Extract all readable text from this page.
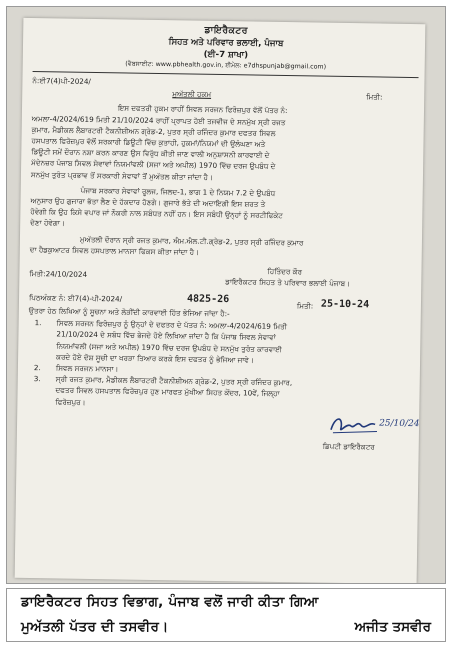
ਡਾਇਰੈਕਟਰ
ਸਿਹਤ ਅਤੇ ਪਰਿਵਾਰ ਭਲਾਈ, ਪੰਜਾਬ
(ਈ-7 ਸ਼ਾਖਾ)
(ਵੈਬਸਾਈਟ: www.pbhealth.gov.in, ਈਮੇਲ: e7dhspunjab@gmail.com)
ਨੰ:ਈ7(4)ਪੀ-2024/
ਮੁਅੱਤਲੀ ਹੁਕਮ	ਮਿਤੀ:
ਇਸ ਦਫਤਰੀ ਹੁਕਮ ਰਾਹੀਂ ਸਿਵਲ ਸਰਜਨ ਫਿਰੋਜ਼ਪੁਰ ਵੱਲੋਂ ਪੱਤਰ ਨੰ:
ਅਮਲਾ-4/2024/619 ਮਿਤੀ 21/10/2024 ਰਾਹੀਂ ਪ੍ਰਾਪਤ ਹੋਈ ਤਜਵੀਜ ਦੇ ਸਨਮੁੱਖ ਸ੍ਰੀ ਰਜਤ
ਕੁਮਾਰ, ਮੈਡੀਕਲ ਲੈਬਾਰਟਰੀ ਟੈਕਨੀਸ਼ੀਅਨ ਗ੍ਰੇਡ-2, ਪੁਤਰ ਸ੍ਰੀ ਰਜਿੰਦਰ ਕੁਮਾਰ ਦਫਤਰ ਸਿਵਲ
ਹਸਪਤਾਲ ਫਿਰੋਜ਼ਪੁਰ ਵੱਲੋਂ ਸਰਕਾਰੀ ਡਿਊਟੀ ਵਿੱਚ ਕੁਤਾਹੀ, ਹੁਕਮਾਂ/ਨਿਯਮਾਂ ਦੀ ਉਲੰਘਣਾ ਅਤੇ
ਡਿਊਟੀ ਸਮੇਂ ਦੌਰਾਨ ਨਸ਼ਾ ਕਰਨ ਕਾਰਣ ਉਸ ਵਿਰੁੱਧ ਕੀਤੀ ਜਾਣ ਵਾਲੀ ਅਨੁਸ਼ਾਸਨੀ ਕਾਰਵਾਈ ਦੇ
ਮੱਦੇਨਜ਼ਰ ਪੰਜਾਬ ਸਿਵਲ ਸੇਵਾਵਾਂ ਨਿਯਮਾਂਵਲੀ (ਸਜਾ ਅਤੇ ਅਪੀਲ) 1970 ਵਿੱਚ ਦਰਜ ਉਪਬੰਧ ਦੇ
ਸਨਮੁੱਖ ਤੁਰੰਤ ਪ੍ਰਭਾਵ ਤੋਂ ਸਰਕਾਰੀ ਸੇਵਾਵਾਂ ਤੋਂ ਮੁਅੱਤਲ ਕੀਤਾ ਜਾਂਦਾ ਹੈ।
ਪੰਜਾਬ ਸਰਕਾਰ ਸੇਵਾਵਾਂ ਰੂਲਜ, ਜਿਲਦ-1, ਭਾਗ 1 ਦੇ ਨਿਯਮ 7.2 ਦੇ ਉਪਬੰਧ
ਅਨੁਸਾਰ ਉਹ ਗੁਜਾਰਾ ਭੱਤਾ ਲੈਣ ਦੇ ਹੱਕਦਾਰ ਹੋਣਗੇ। ਗੁਜਾਰੇ ਭੱਤੇ ਦੀ ਅਦਾਇਗੀ ਇਸ ਸ਼ਰਤ ਤੇ
ਹੋਵੇਗੀ ਕਿ ਉਹ ਕਿਸੇ ਵਪਾਰ ਜਾਂ ਨੌਕਰੀ ਨਾਲ ਸਬੰਧਤ ਨਹੀਂ ਹਨ। ਇਸ ਸਬੰਧੀ ਉਨ੍ਹਾਂ ਨੂੰ ਸਰਟੀਫਿਕੇਟ
ਦੇਣਾ ਹੋਵੇਗਾ।
ਮੁਅੱਤਲੀ ਦੌਰਾਨ ਸ੍ਰੀ ਰਜਤ ਕੁਮਾਰ, ਐਮ.ਐਲ.ਟੀ.ਗ੍ਰੇਡ-2, ਪੁਤਰ ਸ੍ਰੀ ਰਜਿੰਦਰ ਕੁਮਾਰ
ਦਾ ਹੈਡਕੁਆਟਰ ਸਿਵਲ ਹਸਪਤਾਲ ਮਾਨਸਾ ਫਿਕਸ ਕੀਤਾ ਜਾਂਦਾ ਹੈ।
ਮਿਤੀ:24/10/2024	ਹਿਤਿੰਦਰ ਕੌਰ
ਡਾਇਰੈਕਟਰ ਸਿਹਤ ਤੇ ਪਰਿਵਾਰ ਭਲਾਈ ਪੰਜਾਬ।
ਪਿਠਅੰਕਣ ਨੰ: ਈ7(4)-ਪੀ-2024/	4825-26
ਮਿਤੀ: 25-10-24
ਉਤਰਾ ਹੇਠ ਲਿਖਿਆ ਨੂੰ ਸੂਚਨਾ ਅਤੇ ਲੋੜੀਂਦੀ ਕਾਰਵਾਈ ਹਿੱਤ ਭੇਜਿਆ ਜਾਂਦਾ ਹੈ:-
1.	ਸਿਵਲ ਸਰਜਨ ਫਿਰੋਜ਼ਪੁਰ ਨੂੰ ਉਨ੍ਹਾਂ ਦੇ ਦਫਤਰ ਦੇ ਪੱਤਰ ਨੰ: ਅਮਲਾ-4/2024/619 ਮਿਤੀ
21/10/2024 ਦੇ ਸਬੰਧ ਵਿੱਚ ਭੇਜਦੇ ਹੋਏ ਲਿਖਿਆ ਜਾਂਦਾ ਹੈ ਕਿ ਪੰਜਾਬ ਸਿਵਲ ਸੇਵਾਵਾਂ
ਨਿਯਮਾਂਵਲੀ (ਸਜਾ ਅਤੇ ਅਪੀਲ) 1970 ਵਿੱਚ ਦਰਜ ਉਪਬੰਧ ਦੇ ਸਨਮੁੱਖ ਤੁਰੰਤ ਕਾਰਵਾਈ
ਕਰਦੇ ਹੋਏ ਦੋਸ਼ ਸੂਚੀ ਦਾ ਖਰੜਾ ਤਿਆਰ ਕਰਕੇ ਇਸ ਦਫਤਰ ਨੂੰ ਭੇਜਿਆ ਜਾਵੇ।
2.	ਸਿਵਲ ਸਰਜਨ ਮਾਨਸਾ।
3.	ਸ੍ਰੀ ਰਜਤ ਕੁਮਾਰ, ਮੈਡੀਕਲ ਲੈਬਾਰਟਰੀ ਟੈਕਨੀਸ਼ੀਅਨ ਗ੍ਰੇਡ-2, ਪੁਤਰ ਸ੍ਰੀ ਰਜਿੰਦਰ ਕੁਮਾਰ,
ਦਫਤਰ ਸਿਵਲ ਹਸਪਤਾਲ ਫਿਰੋਜ਼ਪੁਰ ਹੁਣ ਮਾਰਫਤ ਮੁੱਖੀਆ ਸਿਹਤ ਕੇਂਦਰ, 10ਵੇਂ, ਜਿਲ੍ਹਾ
ਫਿਰੋਜ਼ਪੁਰ।
25/10/24
ਡਿਪਟੀ ਡਾਇਰੈਕਟਰ
ਡਾਇਰੈਕਟਰ ਸਿਹਤ ਵਿਭਾਗ, ਪੰਜਾਬ ਵਲੋਂ ਜਾਰੀ ਕੀਤਾ ਗਿਆ
ਮੁਅੱਤਲੀ ਪੱਤਰ ਦੀ ਤਸਵੀਰ।	ਅਜੀਤ ਤਸਵੀਰ
